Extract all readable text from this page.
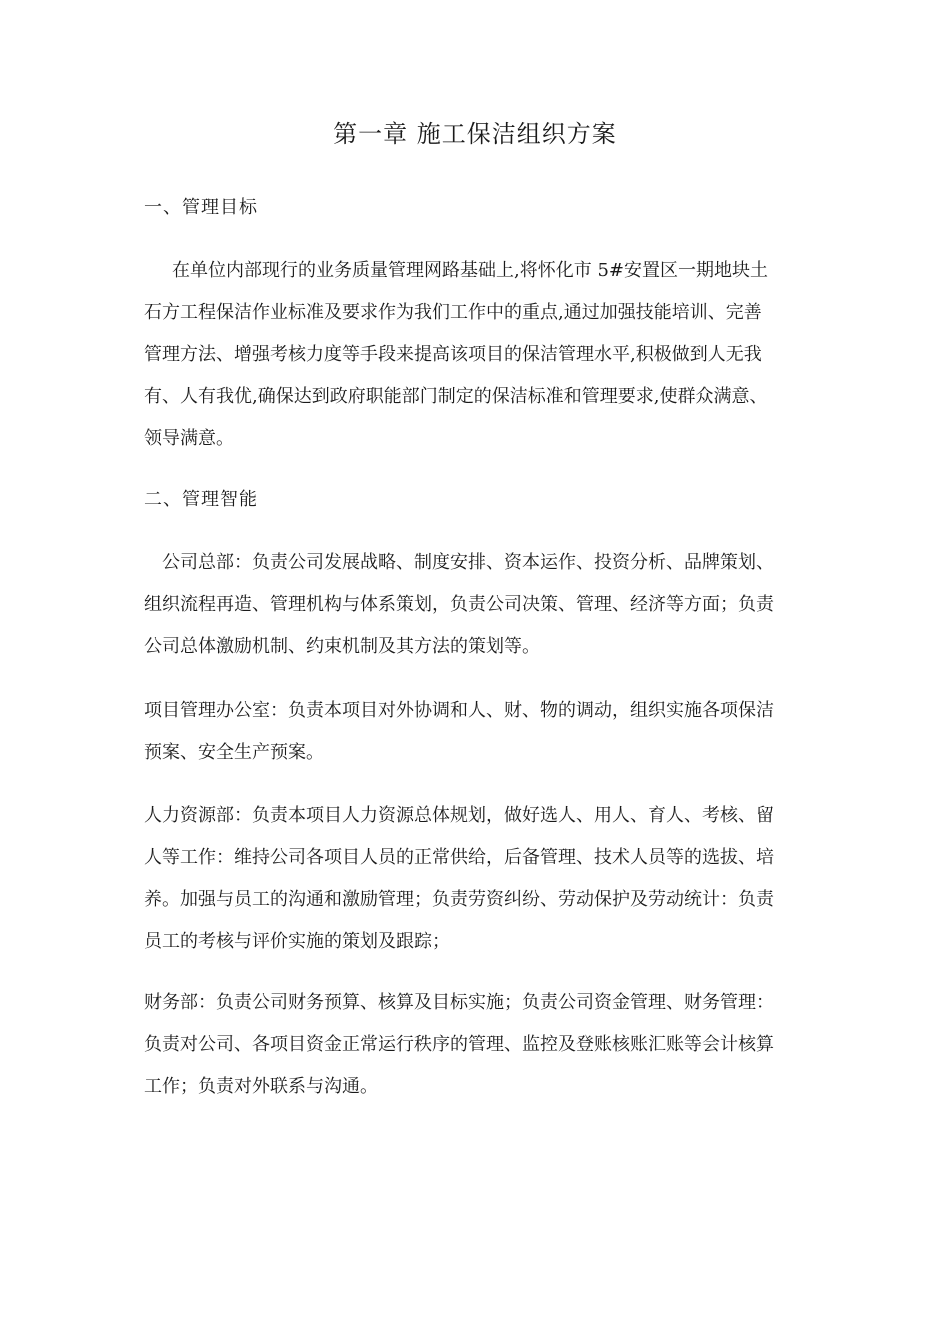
第一章 施工保洁组织方案
一、管理目标
在单位内部现行的业务质量管理网路基础上,将怀化市 5#安置区一期地块土
石方工程保洁作业标准及要求作为我们工作中的重点,通过加强技能培训、完善
管理方法、增强考核力度等手段来提高该项目的保洁管理水平,积极做到人无我
有、人有我优,确保达到政府职能部门制定的保洁标准和管理要求,使群众满意、
领导满意。
二、管理智能
公司总部：负责公司发展战略、制度安排、资本运作、投资分析、品牌策划、
组织流程再造、管理机构与体系策划，负责公司决策、管理、经济等方面；负责
公司总体激励机制、约束机制及其方法的策划等。
项目管理办公室：负责本项目对外协调和人、财、物的调动，组织实施各项保洁
预案、安全生产预案。
人力资源部：负责本项目人力资源总体规划，做好选人、用人、育人、考核、留
人等工作：维持公司各项目人员的正常供给，后备管理、技术人员等的选拔、培
养。加强与员工的沟通和激励管理；负责劳资纠纷、劳动保护及劳动统计：负责
员工的考核与评价实施的策划及跟踪；
财务部：负责公司财务预算、核算及目标实施；负责公司资金管理、财务管理：
负责对公司、各项目资金正常运行秩序的管理、监控及登账核账汇账等会计核算
工作；负责对外联系与沟通。
